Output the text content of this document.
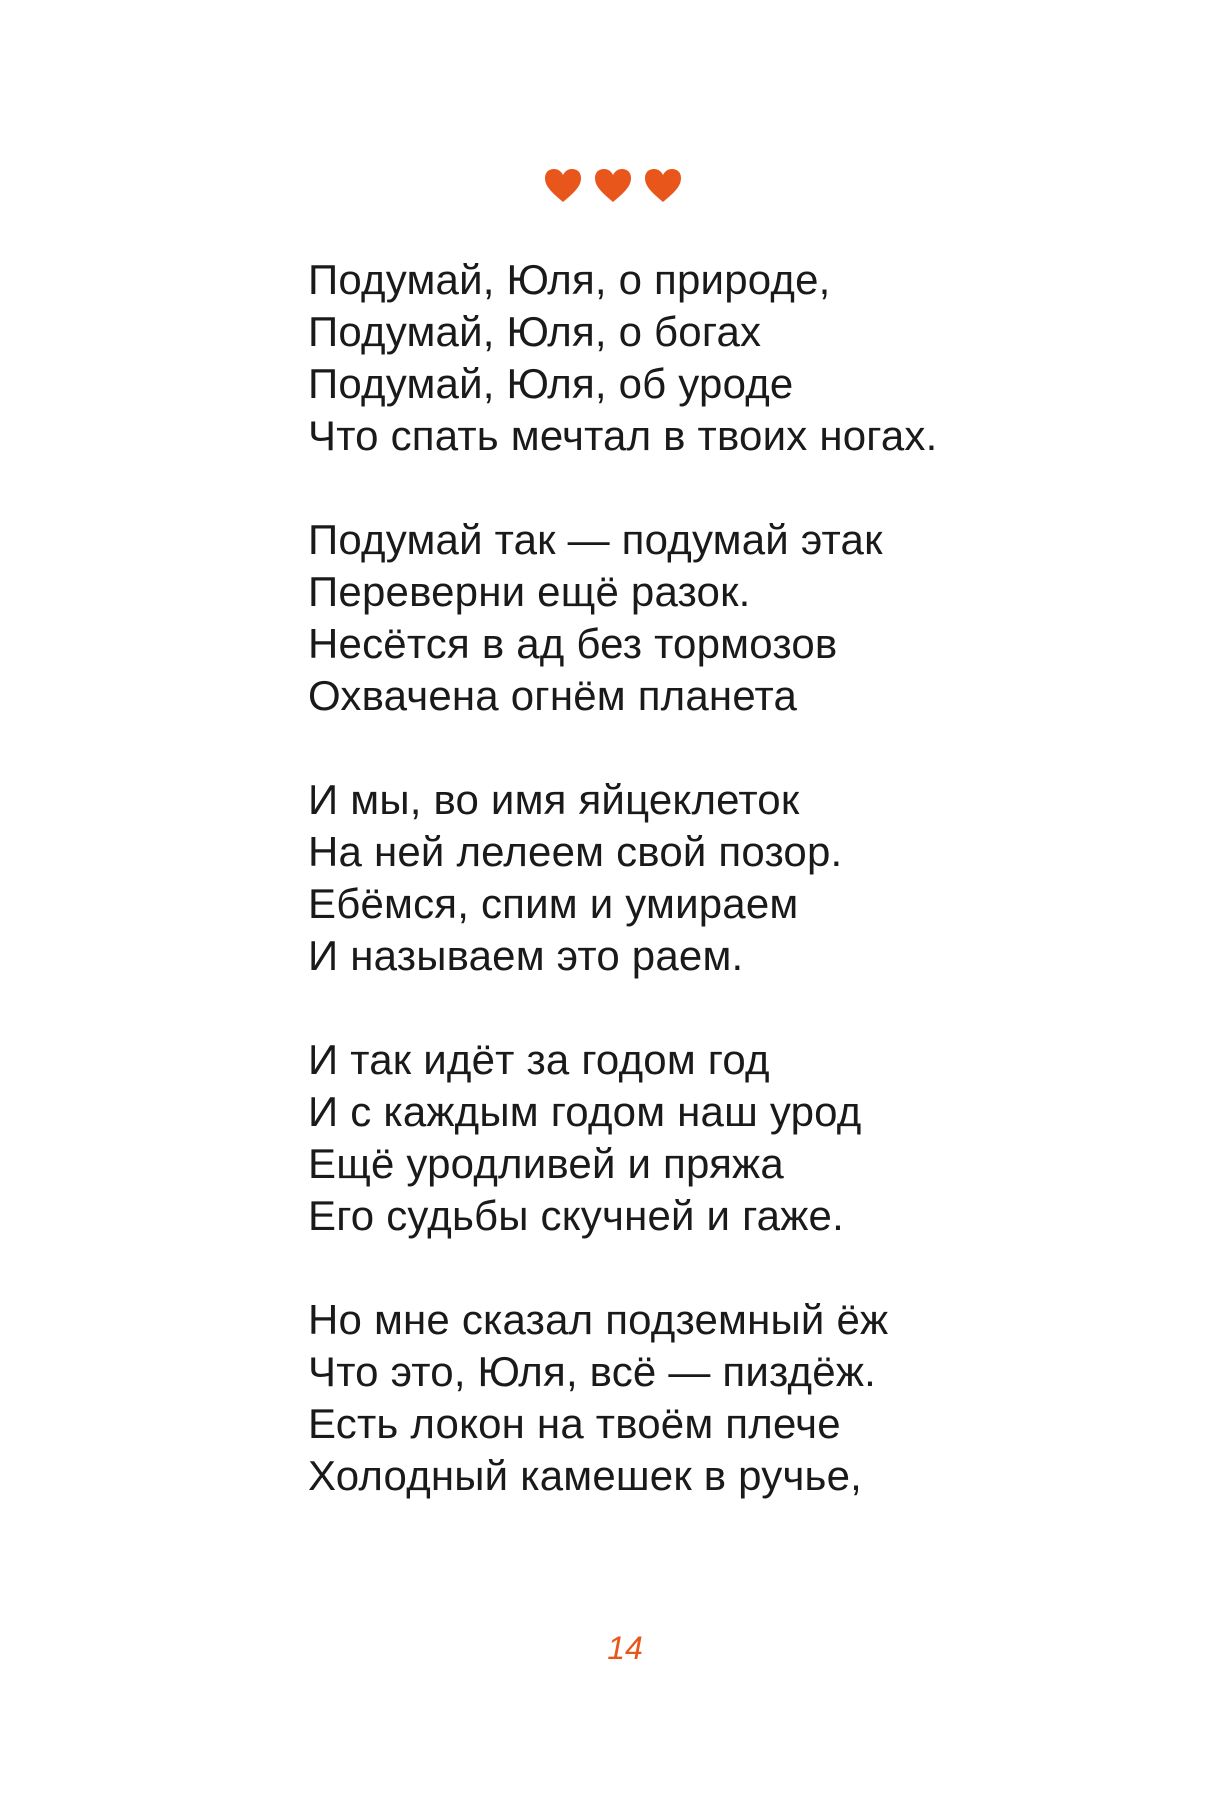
Подумай, Юля, о природе,
Подумай, Юля, о богах
Подумай, Юля, об уроде
Что спать мечтал в твоих ногах.
Подумай так — подумай этак
Переверни ещё разок.
Несётся в ад без тормозов
Охвачена огнём планета
И мы, во имя яйцеклеток
На ней лелеем свой позор.
Ебёмся, спим и умираем
И называем это раем.
И так идёт за годом год
И с каждым годом наш урод
Ещё уродливей и пряжа
Его судьбы скучней и гаже.
Но мне сказал подземный ёж
Что это, Юля, всё — пиздёж.
Есть локон на твоём плече
Холодный камешек в ручье,
14
